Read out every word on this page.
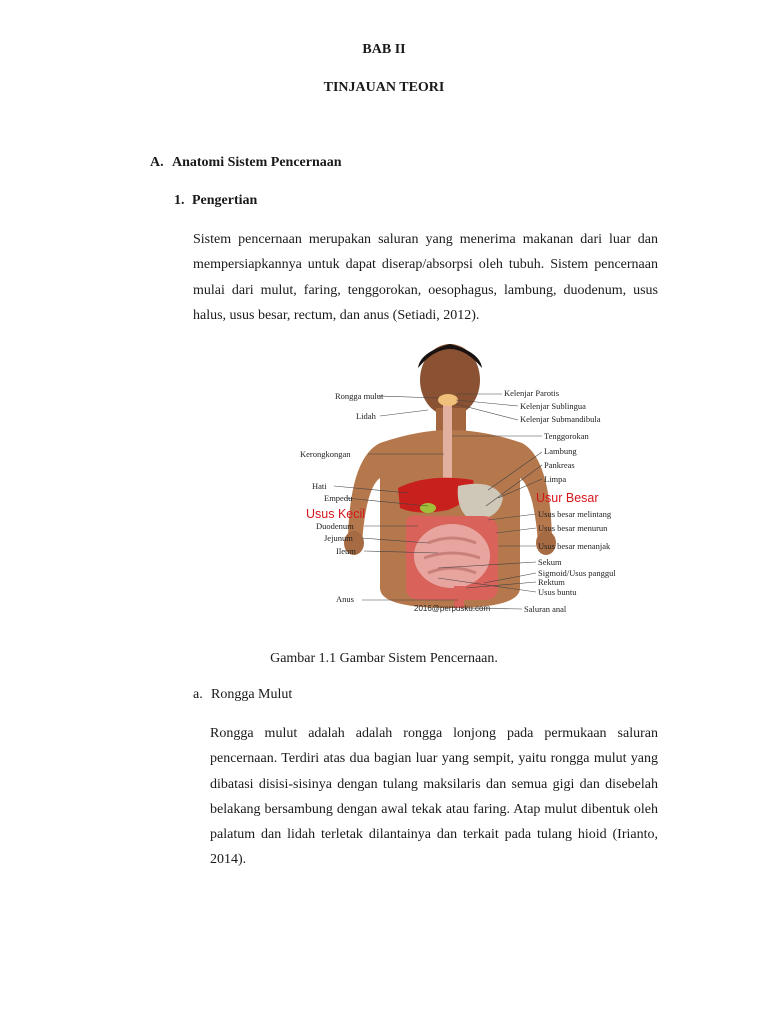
BAB II
TINJAUAN TEORI
A. Anatomi Sistem Pencernaan
1. Pengertian

Sistem pencernaan merupakan saluran yang menerima makanan dari luar dan mempersiapkannya untuk dapat diserap/absorpsi oleh tubuh. Sistem pencernaan mulai dari mulut, faring, tenggorokan, oesophagus, lambung, duodenum, usus halus, usus besar, rectum, dan anus (Setiadi, 2012).

Rongga mulut
Lidah
Kerongkongan
Hati
Empedu
Duodenum
Jejunum
Ileum
Anus
Usus Kecil
Usur Besar
Kelenjar Parotis
Kelenjar Sublingua
Kelenjar Submandibula
Tenggorokan
Lambung
Pankreas
Limpa
Usus besar melintang
Usus besar menurun
Usus besar menanjak
Sekum
Sigmoid/Usus panggul
Rektum
Usus buntu
Saluran anal
2016@perpusku.com
Gambar 1.1 Gambar Sistem Pencernaan.
a. Rongga Mulut

Rongga mulut adalah adalah rongga lonjong pada permukaan saluran pencernaan. Terdiri atas dua bagian luar yang sempit, yaitu rongga mulut yang dibatasi disisi-sisinya dengan tulang maksilaris dan semua gigi dan disebelah belakang bersambung dengan awal tekak atau faring. Atap mulut dibentuk oleh palatum dan lidah terletak dilantainya dan terkait pada tulang hioid (Irianto, 2014).
